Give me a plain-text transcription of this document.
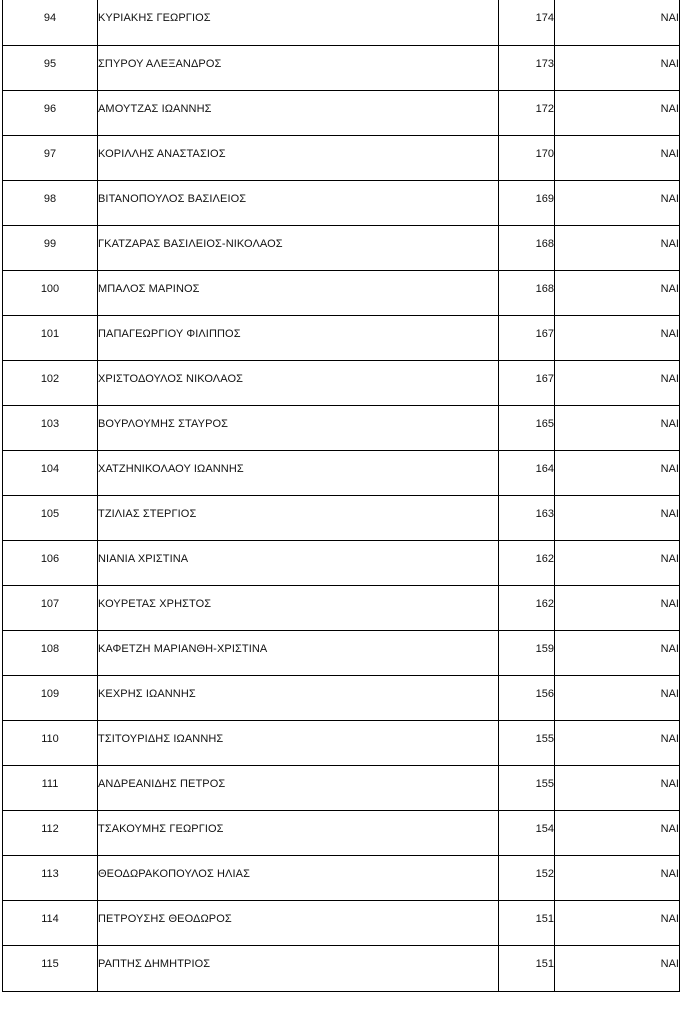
94	ΚΥΡΙΑΚΗΣ ΓΕΩΡΓΙΟΣ	174	ΝΑΙ
95	ΣΠΥΡΟΥ ΑΛΕΞΑΝΔΡΟΣ	173	ΝΑΙ
96	ΑΜΟΥΤΖΑΣ ΙΩΑΝΝΗΣ	172	ΝΑΙ
97	ΚΟΡΙΛΛΗΣ ΑΝΑΣΤΑΣΙΟΣ	170	ΝΑΙ
98	ΒΙΤΑΝΟΠΟΥΛΟΣ ΒΑΣΙΛΕΙΟΣ	169	ΝΑΙ
99	ΓΚΑΤΖΑΡΑΣ ΒΑΣΙΛΕΙΟΣ-ΝΙΚΟΛΑΟΣ	168	ΝΑΙ
100	ΜΠΑΛΟΣ ΜΑΡΙΝΟΣ	168	ΝΑΙ
101	ΠΑΠΑΓΕΩΡΓΙΟΥ ΦΙΛΙΠΠΟΣ	167	ΝΑΙ
102	ΧΡΙΣΤΟΔΟΥΛΟΣ ΝΙΚΟΛΑΟΣ	167	ΝΑΙ
103	ΒΟΥΡΛΟΥΜΗΣ ΣΤΑΥΡΟΣ	165	ΝΑΙ
104	ΧΑΤΖΗΝΙΚΟΛΑΟΥ ΙΩΑΝΝΗΣ	164	ΝΑΙ
105	ΤΖΙΛΙΑΣ ΣΤΕΡΓΙΟΣ	163	ΝΑΙ
106	ΝΙΑΝΙΑ ΧΡΙΣΤΙΝΑ	162	ΝΑΙ
107	ΚΟΥΡΕΤΑΣ ΧΡΗΣΤΟΣ	162	ΝΑΙ
108	ΚΑΦΕΤΖΗ ΜΑΡΙΑΝΘΗ-ΧΡΙΣΤΙΝΑ	159	ΝΑΙ
109	ΚΕΧΡΗΣ ΙΩΑΝΝΗΣ	156	ΝΑΙ
110	ΤΣΙΤΟΥΡΙΔΗΣ ΙΩΑΝΝΗΣ	155	ΝΑΙ
111	ΑΝΔΡΕΑΝΙΔΗΣ ΠΕΤΡΟΣ	155	ΝΑΙ
112	ΤΣΑΚΟΥΜΗΣ ΓΕΩΡΓΙΟΣ	154	ΝΑΙ
113	ΘΕΟΔΩΡΑΚΟΠΟΥΛΟΣ ΗΛΙΑΣ	152	ΝΑΙ
114	ΠΕΤΡΟΥΣΗΣ ΘΕΟΔΩΡΟΣ	151	ΝΑΙ
115	ΡΑΠΤΗΣ ΔΗΜΗΤΡΙΟΣ	151	ΝΑΙ
